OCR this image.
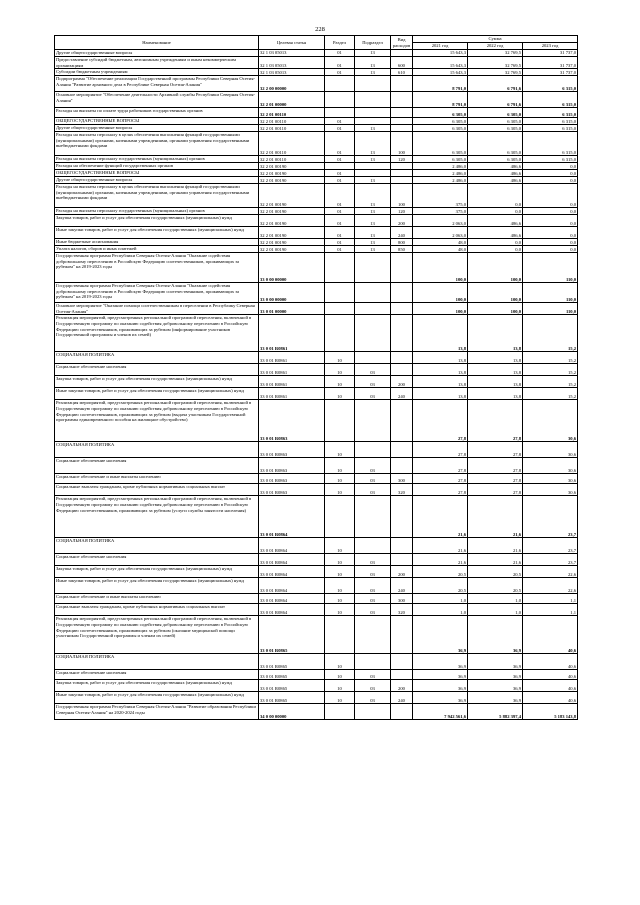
228
Наименование	Целевая статья	Раздел	Подраздел	Вид расходов	Сумма		
					2021 год	2022 год	2023 год
Другие общегосударственные вопросы	32 1 03 05013	01	13		15 643,3	32 769,5	31 737,0
Предоставление субсидий бюджетным, автономным учреждениям и иным некоммерческим организациям	32 1 03 05013	01	13	600	15 643,3	32 769,5	31 737,0
Субсидии бюджетным учреждениям	32 1 03 05013	01	13	610	15 643,3	32 769,5	31 737,0
Подпрограмма "Обеспечение реализации Государственной программы Республики Северная Осетия-Алания "Развитие архивного дела в Республике Северная Осетия-Алания"	32 2 00 00000				8 791,0	6 791,6	6 315,0
Основное мероприятие "Обеспечение деятельности Архивной службы Республики Северная Осетия-Алания"	32 2 01 00000				8 791,0	6 791,6	6 315,0
Расходы на выплаты по оплате труда работников государственных органов	32 2 01 00110				6 305,0	6 305,0	6 315,0
ОБЩЕГОСУДАРСТВЕННЫЕ ВОПРОСЫ	32 2 01 00110	01			6 305,0	6 305,0	6 315,0
Другие общегосударственные вопросы	32 2 01 00110	01	13		6 305,0	6 305,0	6 315,0
Расходы на выплаты персоналу в целях обеспечения выполнения функций государственными (муниципальными) органами, казенными учреждениями, органами управления государственными внебюджетными фондами	32 2 01 00110	01	13	100	6 305,0	6 305,0	6 315,0
Расходы на выплаты персоналу государственных (муниципальных) органов	32 2 01 00110	01	13	120	6 305,0	6 305,0	6 315,0
Расходы на обеспечение функций государственных органов	32 2 01 00190				2 486,0	486,6	0,0
ОБЩЕГОСУДАРСТВЕННЫЕ ВОПРОСЫ	32 2 01 00190	01			2 486,0	486,6	0,0
Другие общегосударственные вопросы	32 2 01 00190	01	13		2 486,0	486,6	0,0
Расходы на выплаты персоналу в целях обеспечения выполнения функций государственными (муниципальными) органами, казенными учреждениями, органами управления государственными внебюджетными фондами	32 2 01 00190	01	13	100	375,0	0,0	0,0
Расходы на выплаты персоналу государственных (муниципальных) органов	32 2 01 00190	01	13	120	375,0	0,0	0,0
Закупка товаров, работ и услуг для обеспечения государственных (муниципальных) нужд	32 2 01 00190	01	13	200	2 063,0	486,6	0,0
Иные закупки товаров, работ и услуг для обеспечения государственных (муниципальных) нужд	32 2 01 00190	01	13	240	2 063,0	486,6	0,0
Иные бюджетные ассигнования	32 2 01 00190	01	13	800	48,0	0,0	0,0
Уплата налогов, сборов и иных платежей	32 2 01 00190	01	13	850	48,0	0,0	0,0
Государственная программа Республики Северная Осетия-Алания "Оказание содействия добровольному переселению в Российскую Федерацию соотечественников, проживающих за рубежом" на 2019-2023 годы	33 0 00 00000				100,0	100,0	110,0
Государственная программа Республики Северная Осетия-Алания "Оказание содействия добровольному переселению в Российскую Федерацию соотечественников, проживающих за рубежом" на 2019-2023 годы	33 0 00 00000				100,0	100,0	110,0
Основное мероприятие "Оказание помощи соотечественникам в переселении в Республику Северная Осетия-Алания"	33 0 01 00000				100,0	100,0	110,0
Реализация мероприятий, предусмотренных региональной программой переселения, включенной в Государственную программу по оказанию содействия добровольному переселению в Российскую Федерацию соотечественников, проживающих за рубежом (информирование участников Государственной программы и членов их семей)	33 0 01 R0861				13,8	13,8	15,2
СОЦИАЛЬНАЯ ПОЛИТИКА	33 0 01 R0861	10			13,8	13,8	15,2
Социальное обеспечение населения	33 0 01 R0861	10	03		13,8	13,8	15,2
Закупка товаров, работ и услуг для обеспечения государственных (муниципальных) нужд	33 0 01 R0861	10	03	200	13,8	13,8	15,2
Иные закупки товаров, работ и услуг для обеспечения государственных (муниципальных) нужд	33 0 01 R0861	10	03	240	13,8	13,8	15,2
Реализация мероприятий, предусмотренных региональной программой переселения, включенной в Государственную программу по оказанию содействия добровольному переселению в Российскую Федерацию соотечественников, проживающих за рубежом (выдача участникам Государственной программы единовременного пособия на жилищное обустройство)	33 0 01 R0863				27,8	27,8	30,6
СОЦИАЛЬНАЯ ПОЛИТИКА	33 0 01 R0863	10			27,8	27,8	30,6
Социальное обеспечение населения	33 0 01 R0863	10	03		27,8	27,8	30,6
Социальное обеспечение и иные выплаты населению	33 0 01 R0863	10	03	300	27,8	27,8	30,6
Социальные выплаты гражданам, кроме публичных нормативных социальных выплат	33 0 01 R0863	10	03	320	27,8	27,8	30,6
Реализация мероприятий, предусмотренных региональной программой переселения, включенной в Государственную программу по оказанию содействия добровольному переселению в Российскую Федерацию соотечественников, проживающих за рубежом (услуги службы занятости населения)	33 0 01 R0864				21,6	21,6	23,7
СОЦИАЛЬНАЯ ПОЛИТИКА	33 0 01 R0864	10			21,6	21,6	23,7
Социальное обеспечение населения	33 0 01 R0864	10	03		21,6	21,6	23,7
Закупка товаров, работ и услуг для обеспечения государственных (муниципальных) нужд	33 0 01 R0864	10	03	200	20,5	20,5	22,6
Иные закупки товаров, работ и услуг для обеспечения государственных (муниципальных) нужд	33 0 01 R0864	10	03	240	20,5	20,5	22,6
Социальное обеспечение и иные выплаты населению	33 0 01 R0864	10	03	300	1,0	1,0	1,1
Социальные выплаты гражданам, кроме публичных нормативных социальных выплат	33 0 01 R0864	10	03	320	1,0	1,0	1,1
Реализация мероприятий, предусмотренных региональной программой переселения, включенной в Государственную программу по оказанию содействия добровольному переселению в Российскую Федерацию соотечественников, проживающих за рубежом (оказание медицинской помощи участникам Государственной программы и членам их семей)	33 0 01 R0865				36,9	36,9	40,6
СОЦИАЛЬНАЯ ПОЛИТИКА	33 0 01 R0865	10			36,9	36,9	40,6
Социальное обеспечение населения	33 0 01 R0865	10	03		36,9	36,9	40,6
Закупка товаров, работ и услуг для обеспечения государственных (муниципальных) нужд	33 0 01 R0865	10	03	200	36,9	36,9	40,6
Иные закупки товаров, работ и услуг для обеспечения государственных (муниципальных) нужд	33 0 01 R0865	10	03	240	36,9	36,9	40,6
Государственная программа Республики Северная Осетия-Алания "Развитие образования Республики Северная Осетия-Алания" на 2020-2024 годы	34 0 00 00000				7 942 561,6	5 882 397,4	5 183 143,8
